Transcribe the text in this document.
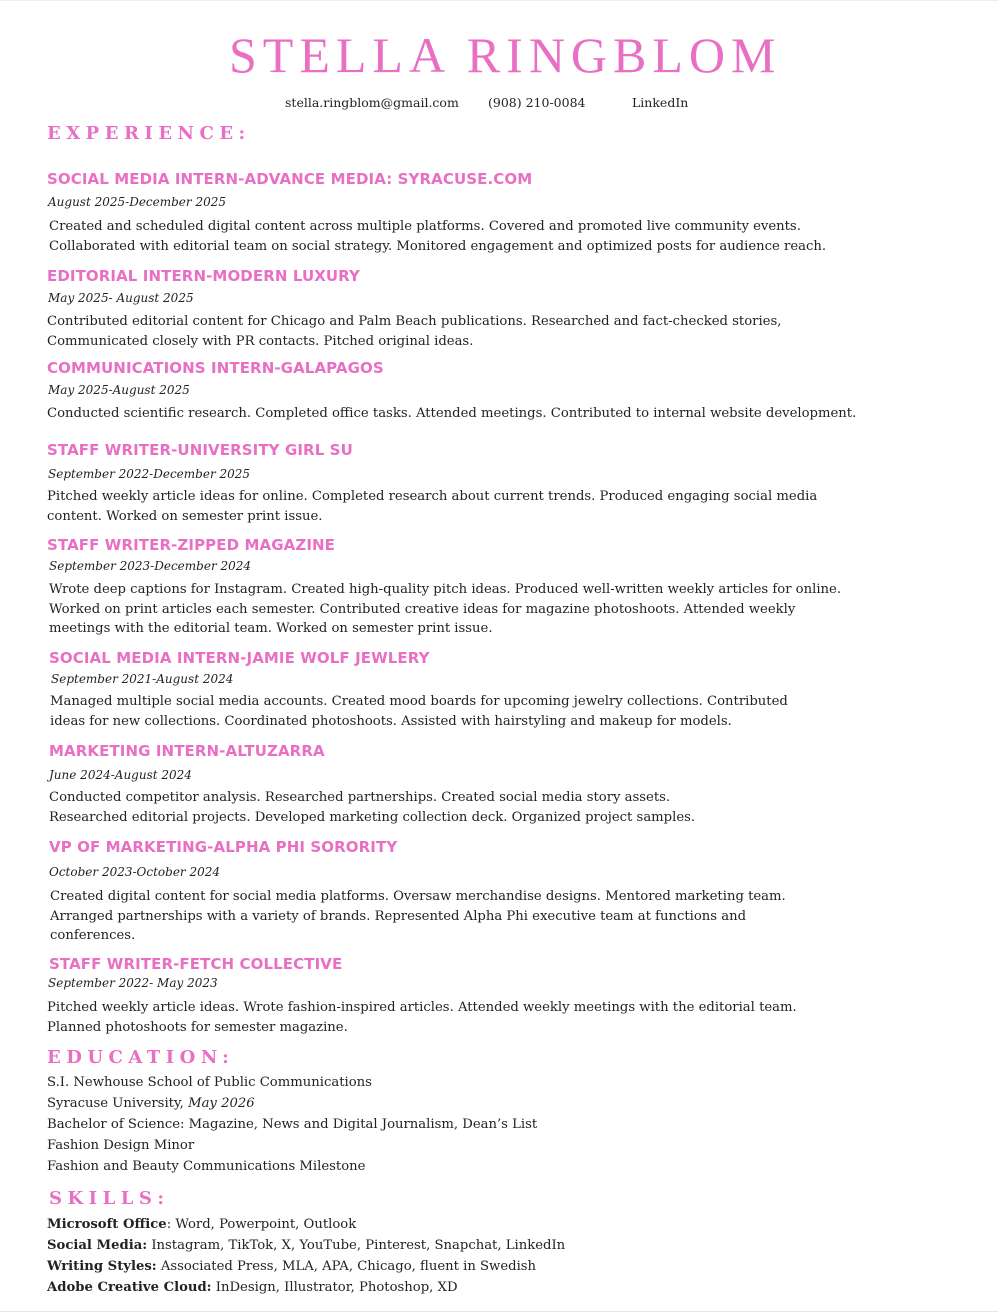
STELLA RINGBLOM
stella.ringblom@gmail.com (908) 210-0084	LinkedIn
EXPERIENCE:
SOCIAL MEDIA INTERN-ADVANCE MEDIA: SYRACUSE.COM
August 2025-December 2025
Created and scheduled digital content across multiple platforms. Covered and promoted live community events.
Collaborated with editorial team on social strategy. Monitored engagement and optimized posts for audience reach.
EDITORIAL INTERN-MODERN LUXURY
May 2025- August 2025
Contributed editorial content for Chicago and Palm Beach publications. Researched and fact-checked stories,
Communicated closely with PR contacts. Pitched original ideas.
COMMUNICATIONS INTERN-GALAPAGOS
May 2025-August 2025
Conducted scientific research. Completed office tasks. Attended meetings. Contributed to internal website development.
STAFF WRITER-UNIVERSITY GIRL SU
September 2022-December 2025
Pitched weekly article ideas for online. Completed research about current trends. Produced engaging social media
content. Worked on semester print issue.
STAFF WRITER-ZIPPED MAGAZINE
September 2023-December 2024
Wrote deep captions for Instagram. Created high-quality pitch ideas. Produced well-written weekly articles for online.
Worked on print articles each semester. Contributed creative ideas for magazine photoshoots. Attended weekly
meetings with the editorial team. Worked on semester print issue.
SOCIAL MEDIA INTERN-JAMIE WOLF JEWLERY
September 2021-August 2024
Managed multiple social media accounts. Created mood boards for upcoming jewelry collections. Contributed
ideas for new collections. Coordinated photoshoots. Assisted with hairstyling and makeup for models.
MARKETING INTERN-ALTUZARRA
June 2024-August 2024
Conducted competitor analysis. Researched partnerships. Created social media story assets.
Researched editorial projects. Developed marketing collection deck. Organized project samples.
VP OF MARKETING-ALPHA PHI SORORITY
October 2023-October 2024
Created digital content for social media platforms. Oversaw merchandise designs. Mentored marketing team.
Arranged partnerships with a variety of brands. Represented Alpha Phi executive team at functions and
conferences.
STAFF WRITER-FETCH COLLECTIVE
September 2022- May 2023
Pitched weekly article ideas. Wrote fashion-inspired articles. Attended weekly meetings with the editorial team.
Planned photoshoots for semester magazine.
EDUCATION:
S.I. Newhouse School of Public Communications
Syracuse University, May 2026
Bachelor of Science: Magazine, News and Digital Journalism, Dean’s List
Fashion Design Minor
Fashion and Beauty Communications Milestone
SKILLS:
Microsoft Office: Word, Powerpoint, Outlook
Social Media: Instagram, TikTok, X, YouTube, Pinterest, Snapchat, LinkedIn
Writing Styles: Associated Press, MLA, APA, Chicago, fluent in Swedish
Adobe Creative Cloud: InDesign, Illustrator, Photoshop, XD
